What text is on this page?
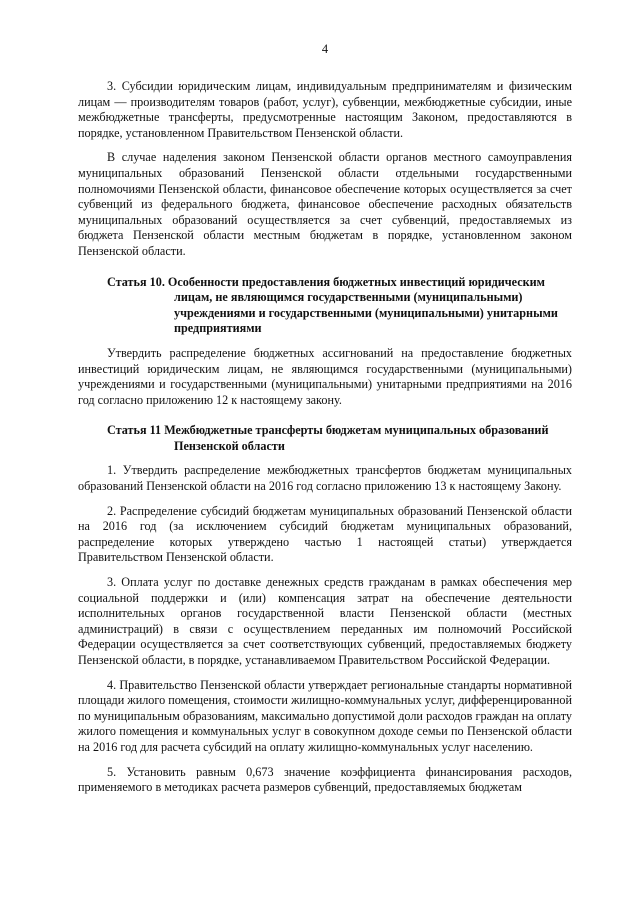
4

3. Субсидии юридическим лицам, индивидуальным предпринимателям и физическим лицам — производителям товаров (работ, услуг), субвенции, межбюджетные субсидии, иные межбюджетные трансферты, предусмотренные настоящим Законом, предоставляются в порядке, установленном Правительством Пензенской области.

В случае наделения законом Пензенской области органов местного самоуправления муниципальных образований Пензенской области отдельными государственными полномочиями Пензенской области, финансовое обеспечение которых осуществляется за счет субвенций из федерального бюджета, финансовое обеспечение расходных обязательств муниципальных образований осуществляется за счет субвенций, предоставляемых из бюджета Пензенской области местным бюджетам в порядке, установленном законом Пензенской области.

Статья 10. Особенности предоставления бюджетных инвестиций юридическим лицам, не являющимся государственными (муниципальными) учреждениями и государственными (муниципальными) унитарными предприятиями

Утвердить распределение бюджетных ассигнований на предоставление бюджетных инвестиций юридическим лицам, не являющимся государственными (муниципальными) учреждениями и государственными (муниципальными) унитарными предприятиями на 2016 год согласно приложению 12 к настоящему закону.

Статья 11 Межбюджетные трансферты бюджетам муниципальных образований Пензенской области

1. Утвердить распределение межбюджетных трансфертов бюджетам муниципальных образований Пензенской области на 2016 год согласно приложению 13 к настоящему Закону.

2. Распределение субсидий бюджетам муниципальных образований Пензенской области на 2016 год (за исключением субсидий бюджетам муниципальных образований, распределение которых утверждено частью 1 настоящей статьи) утверждается Правительством Пензенской области.

3. Оплата услуг по доставке денежных средств гражданам в рамках обеспечения мер социальной поддержки и (или) компенсация затрат на обеспечение деятельности исполнительных органов государственной власти Пензенской области (местных администраций) в связи с осуществлением переданных им полномочий Российской Федерации осуществляется за счет соответствующих субвенций, предоставляемых бюджету Пензенской области, в порядке, устанавливаемом Правительством Российской Федерации.

4. Правительство Пензенской области утверждает региональные стандарты нормативной площади жилого помещения, стоимости жилищно-коммунальных услуг, дифференцированной по муниципальным образованиям, максимально допустимой доли расходов граждан на оплату жилого помещения и коммунальных услуг в совокупном доходе семьи по Пензенской области на 2016 год для расчета субсидий на оплату жилищно-коммунальных услуг населению.

5. Установить равным 0,673 значение коэффициента финансирования расходов, применяемого в методиках расчета размеров субвенций, предоставляемых бюджетам
